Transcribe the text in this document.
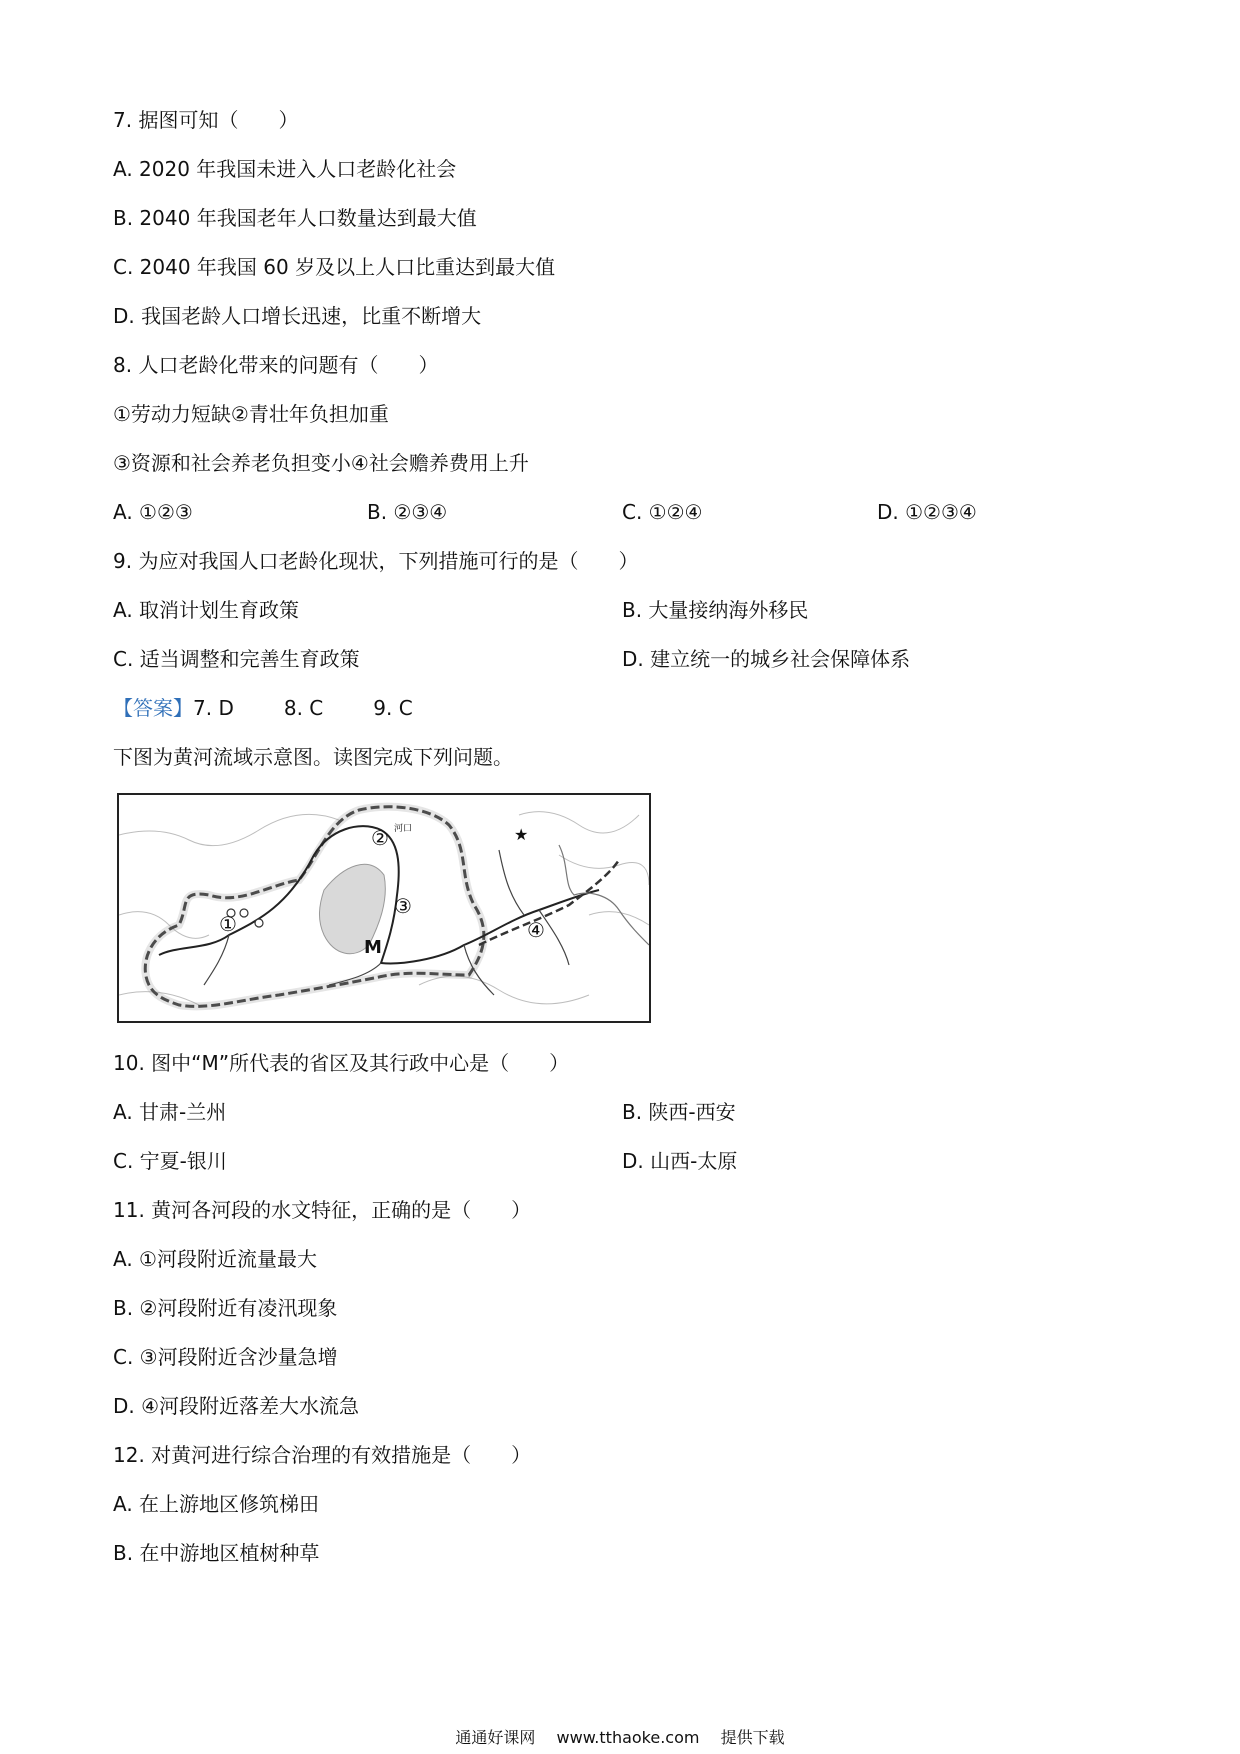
7. 据图可知（　　）
A. 2020 年我国未进入人口老龄化社会
B. 2040 年我国老年人口数量达到最大值
C. 2040 年我国 60 岁及以上人口比重达到最大值
D. 我国老龄人口增长迅速，比重不断增大
8. 人口老龄化带来的问题有（　　）
①劳动力短缺②青壮年负担加重
③资源和社会养老负担变小④社会赡养费用上升
A. ①②③	B. ②③④	C. ①②④	D. ①②③④
9. 为应对我国人口老龄化现状，下列措施可行的是（　　）
A. 取消计划生育政策	B. 大量接纳海外移民
C. 适当调整和完善生育政策	D. 建立统一的城乡社会保障体系
【答案】7. D	8. C	9. C
下图为黄河流域示意图。读图完成下列问题。
①
② 河口
③
M
④
★
10. 图中“M”所代表的省区及其行政中心是（　　）
A. 甘肃-兰州	B. 陕西-西安
C. 宁夏-银川	D. 山西-太原
11. 黄河各河段的水文特征，正确的是（　　）
A. ①河段附近流量最大
B. ②河段附近有凌汛现象
C. ③河段附近含沙量急增
D. ④河段附近落差大水流急
12. 对黄河进行综合治理的有效措施是（　　）
A. 在上游地区修筑梯田
B. 在中游地区植树种草
通通好课网 www.tthaoke.com 提供下载
